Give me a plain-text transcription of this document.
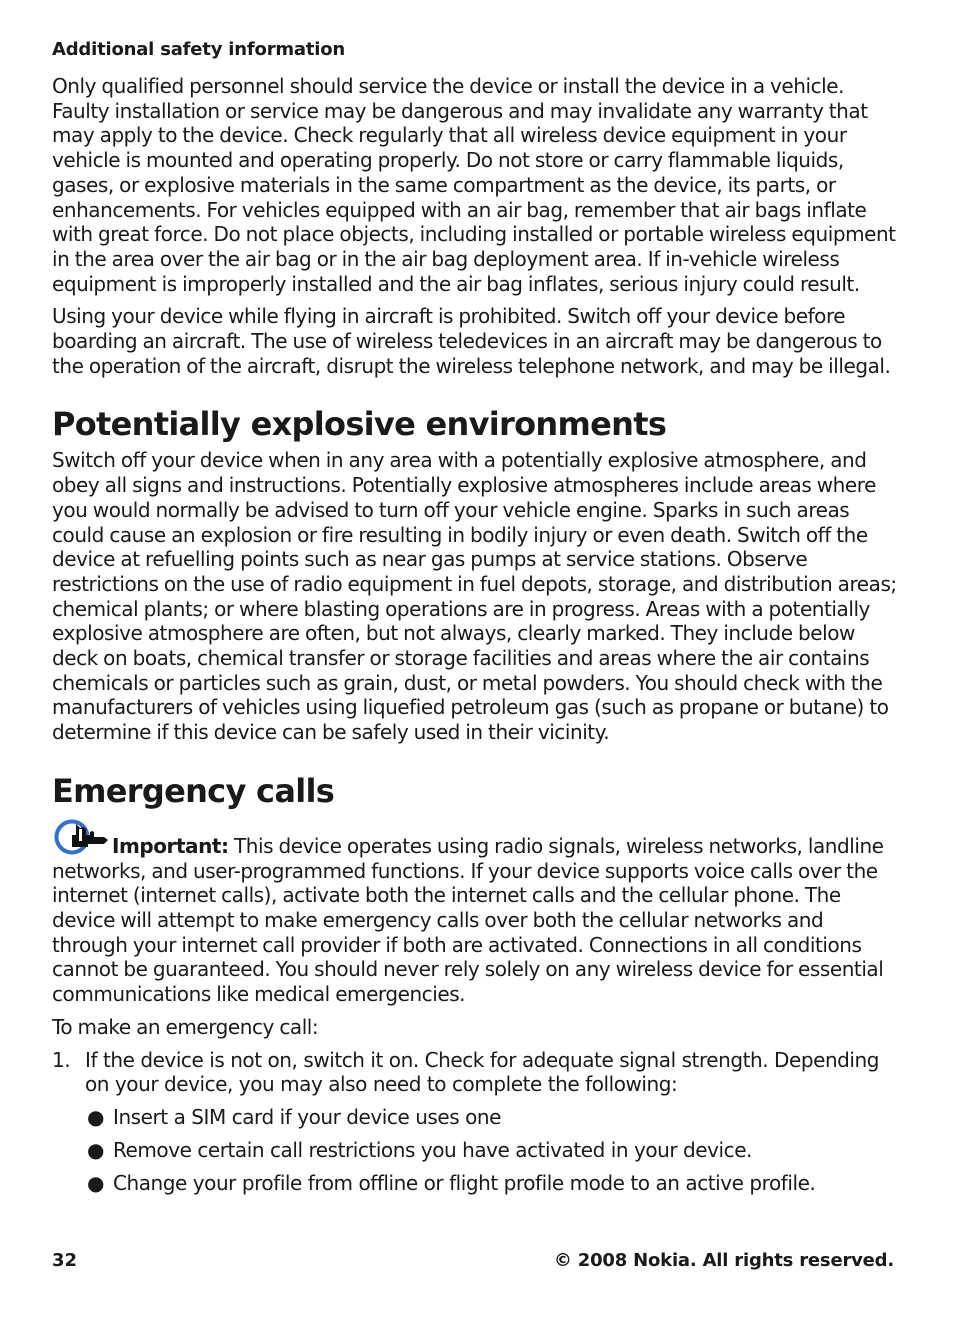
Additional safety information

Only qualified personnel should service the device or install the device in a vehicle. Faulty installation or service may be dangerous and may invalidate any warranty that may apply to the device. Check regularly that all wireless device equipment in your vehicle is mounted and operating properly. Do not store or carry flammable liquids, gases, or explosive materials in the same compartment as the device, its parts, or enhancements. For vehicles equipped with an air bag, remember that air bags inflate with great force. Do not place objects, including installed or portable wireless equipment in the area over the air bag or in the air bag deployment area. If in-vehicle wireless equipment is improperly installed and the air bag inflates, serious injury could result.

Using your device while flying in aircraft is prohibited. Switch off your device before boarding an aircraft. The use of wireless teledevices in an aircraft may be dangerous to the operation of the aircraft, disrupt the wireless telephone network, and may be illegal.

Potentially explosive environments

Switch off your device when in any area with a potentially explosive atmosphere, and obey all signs and instructions. Potentially explosive atmospheres include areas where you would normally be advised to turn off your vehicle engine. Sparks in such areas could cause an explosion or fire resulting in bodily injury or even death. Switch off the device at refuelling points such as near gas pumps at service stations. Observe restrictions on the use of radio equipment in fuel depots, storage, and distribution areas; chemical plants; or where blasting operations are in progress. Areas with a potentially explosive atmosphere are often, but not always, clearly marked. They include below deck on boats, chemical transfer or storage facilities and areas where the air contains chemicals or particles such as grain, dust, or metal powders. You should check with the manufacturers of vehicles using liquefied petroleum gas (such as propane or butane) to determine if this device can be safely used in their vicinity.

Emergency calls

Important: This device operates using radio signals, wireless networks, landline networks, and user-programmed functions. If your device supports voice calls over the internet (internet calls), activate both the internet calls and the cellular phone. The device will attempt to make emergency calls over both the cellular networks and through your internet call provider if both are activated. Connections in all conditions cannot be guaranteed. You should never rely solely on any wireless device for essential communications like medical emergencies.

To make an emergency call:

1. If the device is not on, switch it on. Check for adequate signal strength. Depending on your device, you may also need to complete the following:
● Insert a SIM card if your device uses one
● Remove certain call restrictions you have activated in your device.
● Change your profile from offline or flight profile mode to an active profile.
32	© 2008 Nokia. All rights reserved.
